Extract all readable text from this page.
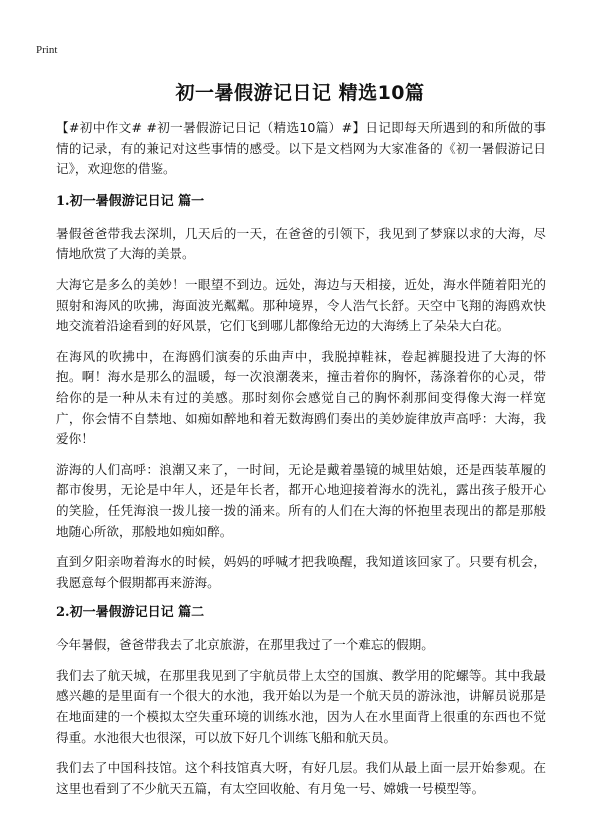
Print
初一暑假游记日记 精选10篇

【#初中作文# #初一暑假游记日记（精选10篇）#】日记即每天所遇到的和所做的事情的记录，有的兼记对这些事情的感受。以下是文档网为大家准备的《初一暑假游记日记》，欢迎您的借鉴。

1.初一暑假游记日记 篇一

暑假爸爸带我去深圳，几天后的一天，在爸爸的引领下，我见到了梦寐以求的大海，尽情地欣赏了大海的美景。

大海它是多么的美妙！一眼望不到边。远处，海边与天相接，近处，海水伴随着阳光的照射和海风的吹拂，海面波光粼粼。那种境界，令人浩气长舒。天空中飞翔的海鸥欢快地交流着沿途看到的好风景，它们飞到哪儿都像给无边的大海绣上了朵朵大白花。

在海风的吹拂中，在海鸥们演奏的乐曲声中，我脱掉鞋袜，卷起裤腿投进了大海的怀抱。啊！海水是那么的温暖，每一次浪潮袭来，撞击着你的胸怀，荡涤着你的心灵，带给你的是一种从未有过的美感。那时刻你会感觉自己的胸怀刹那间变得像大海一样宽广，你会情不自禁地、如痴如醉地和着无数海鸥们奏出的美妙旋律放声高呼：大海，我爱你！

游海的人们高呼：浪潮又来了，一时间，无论是戴着墨镜的城里姑娘，还是西装革履的都市俊男，无论是中年人，还是年长者，都开心地迎接着海水的洗礼，露出孩子般开心的笑脸，任凭海浪一拨儿接一拨的涌来。所有的人们在大海的怀抱里表现出的都是那般地随心所欲，那般地如痴如醉。

直到夕阳亲吻着海水的时候，妈妈的呼喊才把我唤醒，我知道该回家了。只要有机会，我愿意每个假期都再来游海。

2.初一暑假游记日记 篇二

今年暑假，爸爸带我去了北京旅游，在那里我过了一个难忘的假期。

我们去了航天城，在那里我见到了宇航员带上太空的国旗、教学用的陀螺等。其中我最感兴趣的是里面有一个很大的水池，我开始以为是一个航天员的游泳池，讲解员说那是在地面建的一个模拟太空失重环境的训练水池，因为人在水里面背上很重的东西也不觉得重。水池很大也很深，可以放下好几个训练飞船和航天员。

我们去了中国科技馆。这个科技馆真大呀，有好几层。我们从最上面一层开始参观。在这里也看到了不少航天五篇，有太空回收舱、有月兔一号、嫦娥一号模型等。
